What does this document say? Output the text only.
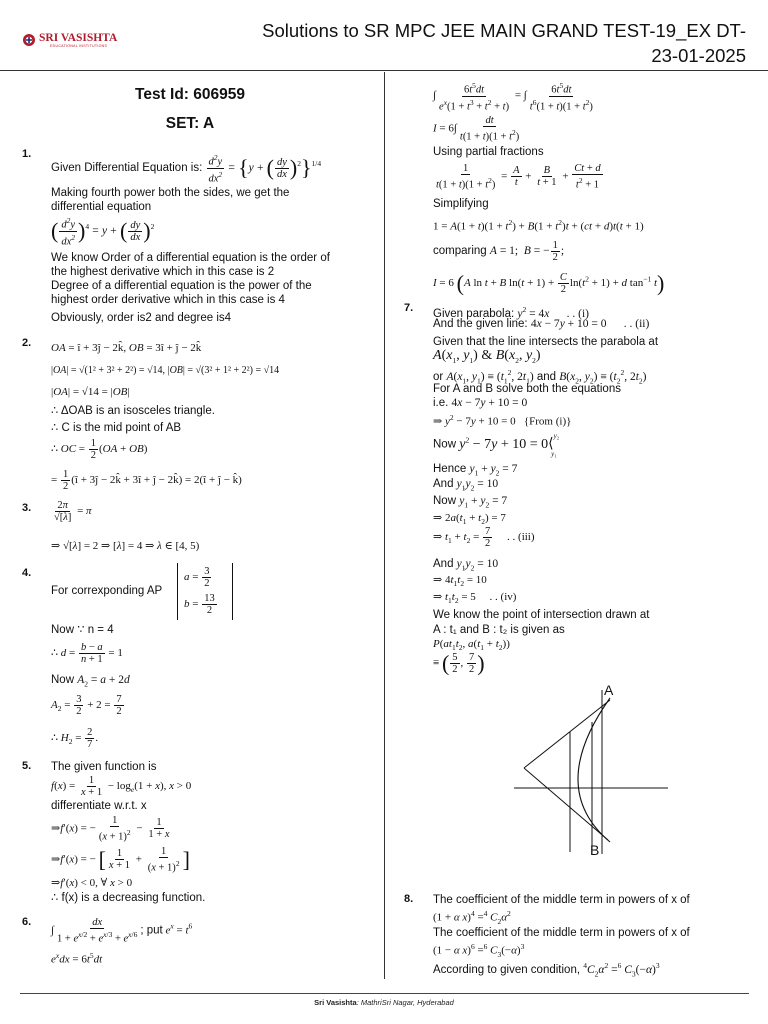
SRI VASISHTA
EDUCATIONAL INSTITUTIONS
Solutions to SR MPC JEE MAIN GRAND TEST-19_EX DT-23-01-2025
Test Id: 606959
SET: A
1.
Given Differential Equation is: $\frac{d^2y}{dx^2} = \{y$ + ( $\frac{dy}{dx} )^2\}^{1/4}$
Making fourth power both the sides, we get the
differential equation
( $\frac{d^2y}{dx^2} )^4 = y$ + ( $\frac{dy}{dx} )^2$
We know Order of a differential equation is the order of
the highest derivative which in this case is 2
Degree of a differential equation is the power of the
highest order derivative which in this case is 4
Obviously, order is2 and degree is4
2. OA = î + 3ĵ − 2k̂, OB = 3î + ĵ − 2k̂
|OA| = √(1² + 3² + 2²) = √14, |OB| = √(3² + 1² + 2²) = √14
|OA| = √14 = |OB|
∴ ΔOAB is an isosceles triangle.
∴ C is the mid point of AB
∴ OC = $\frac{1}{2} (OA + OB)$
= $\frac{1}{2}$ (î + 3ĵ − 2k̂ + 3î + ĵ − 2k̂) = 2(î + ĵ − k̂)
3. $\frac{2\pi}{√[\lambda]} = \pi$
⇒ √[λ] = 2 ⇒ [λ] = 4 ⇒ λ ∈ [4, 5)
4.
For correxponding AP
$a = \frac{3}{2}$
$b = \frac{13}{2}$
Now ∵ n = 4
∴ $d = \frac{b - a}{n + 1} = 1$
Now $A_2 = a + 2d$
$A_2 = \frac{3}{2} + 2 = \frac{7}{2}$
∴ $H_2 = \frac{2}{7}$ .
5. The given function is
$f(x) = \frac{1}{x + 1} - \log_e(1 + x)$, x > 0
differentiate w.r.t. x
⇒f′(x) = − $\frac{1}{(x + 1)^2} - \frac{1}{1 + x}$
⇒f′(x) = − [ $\frac{1}{x + 1} + \frac{1}{(x + 1)^2}$ ]
⇒f′(x) < 0, ∀ x > 0
∴ f(x) is a decreasing function.
6.
∫ $\frac{dx}{1 + e^{x/2} + e^{x/3} + e^{x/6}}$ ; put $e^x = t^6$
$e^xdx = 6t^5dt$
∫ $\frac{6t^5dt}{e^x(1 + t^3 + t^2 + t)}$ = ∫ $\frac{6t^5dt}{t^6(1 + t)(1 + t^2)}$
$I = 6\int \frac{dt}{t(1 + t)(1 + t^2)}$
Using partial fractions
$\frac{1}{t(1 + t)(1 + t^2)} = \frac{A}{t} + \frac{B}{t + 1} + \frac{Ct + d}{t^2 + 1}$
Simplifying
$1 = A(1 + t)(1 + t^2) + B(1 + t^2)t + (ct + d)t(t + 1)$
comparing A = 1;  B = − $\frac{1}{2}$ ;
I = 6 (A ln t + B $\ln(t + 1) + \frac{C}{2} \ln(t^2 + 1) + d$ $\tan^{-1} t$)
7. Given parabola: $y^2 = 4x$      . . (i)
And the given line: 4x − 7y + 10 = 0      . . (ii)
Given that the line intersects the parabola at
$A(x_1$, $y_1$) & $B(x_2$, $y_2$)
or $A(x_1$, $y_1) \equiv (t_1^2$, $2t_1$) and $B(x_2$, $y_2) \equiv (t_2^2$, $2t_2$)
For A and B solve both the equations
i.e. 4x − 7y + 10 = 0
⇒ $y^2 - 7y + 10 = 0$   {From (i)}
Now $y^2 - 7y + 10$ = 0⟨$^{y_2}_{y_1}$
Hence $y_1 + y_2 = 7$
And $y_1y_2 = 10$
Now $y_1 + y_2 = 7$
⇒ $2a(t_1 + t_2) = 7$
⇒ $t_1 + t_2 = \frac{7}{2}$ . . (iii)
And $y_1y_2 = 10$
⇒ $4t_1t_2 = 10$
⇒ $t_1t_2 = 5$     . . (iv)
We know the point of intersection drawn at
A : t₁ and B : t₂ is given as
$P(at_1t_2$, $a(t_1 + t_2)$)
≡ ( $\frac{5}{2}$ , $\frac{7}{2}$ )
A
B
8. The coefficient of the middle term in powers of x of
(1 + α x)$^4$ =$^4$ $C_2\alpha^2$
The coefficient of the middle term in powers of x of
(1 − α x)$^6$ =$^6$ $C_3(-\alpha)^3$
According to given condition, $^4C_2\alpha^2 =^6$ $C_3(-\alpha)^3$
Sri Vasishta: MathriSri Nagar, Hyderabad
